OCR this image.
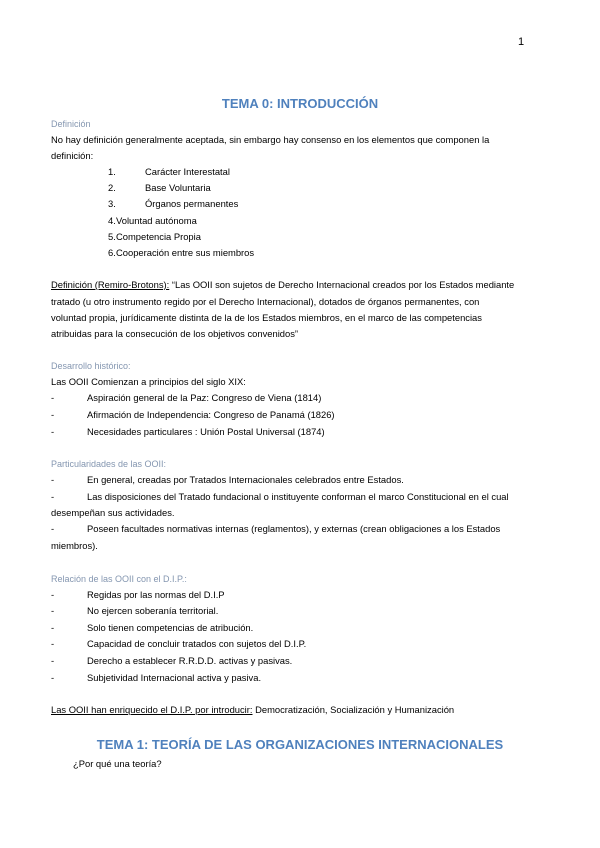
1
TEMA 0: INTRODUCCIÓN
Definición
No hay definición generalmente aceptada, sin embargo hay consenso en los elementos que componen la
definición:
1.	Carácter Interestatal
2.	Base Voluntaria
3.	Órganos permanentes
4. Voluntad autónoma
5. Competencia Propia
6. Cooperación entre sus miembros
Definición (Remiro-Brotons): “Las OOII son sujetos de Derecho Internacional creados por los Estados mediante
tratado (u otro instrumento regido por el Derecho Internacional), dotados de órganos permanentes, con
voluntad propia, jurídicamente distinta de la de los Estados miembros, en el marco de las competencias
atribuidas para la consecución de los objetivos convenidos”
Desarrollo histórico:
Las OOII Comienzan a principios del siglo XIX:
-	Aspiración general de la Paz: Congreso de Viena (1814)
-	Afirmación de Independencia: Congreso de Panamá (1826)
-	Necesidades particulares : Unión Postal Universal (1874)
Particularidades de las OOII:
-	En general, creadas por Tratados Internacionales celebrados entre Estados.
-	Las disposiciones del Tratado fundacional o instituyente conforman el marco Constitucional en el cual
desempeñan sus actividades.
-	Poseen facultades normativas internas (reglamentos), y externas (crean obligaciones a los Estados
miembros).
Relación de las OOII con el D.I.P.:
-	Regidas por las normas del D.I.P
-	No ejercen soberanía territorial.
-	Solo tienen competencias de atribución.
-	Capacidad de concluir tratados con sujetos del D.I.P.
-	Derecho a establecer R.R.D.D. activas y pasivas.
-	Subjetividad Internacional activa y pasiva.
Las OOII han enriquecido el D.I.P. por introducir: Democratización, Socialización y Humanización
TEMA 1: TEORÍA DE LAS ORGANIZACIONES INTERNACIONALES
¿Por qué una teoría?
